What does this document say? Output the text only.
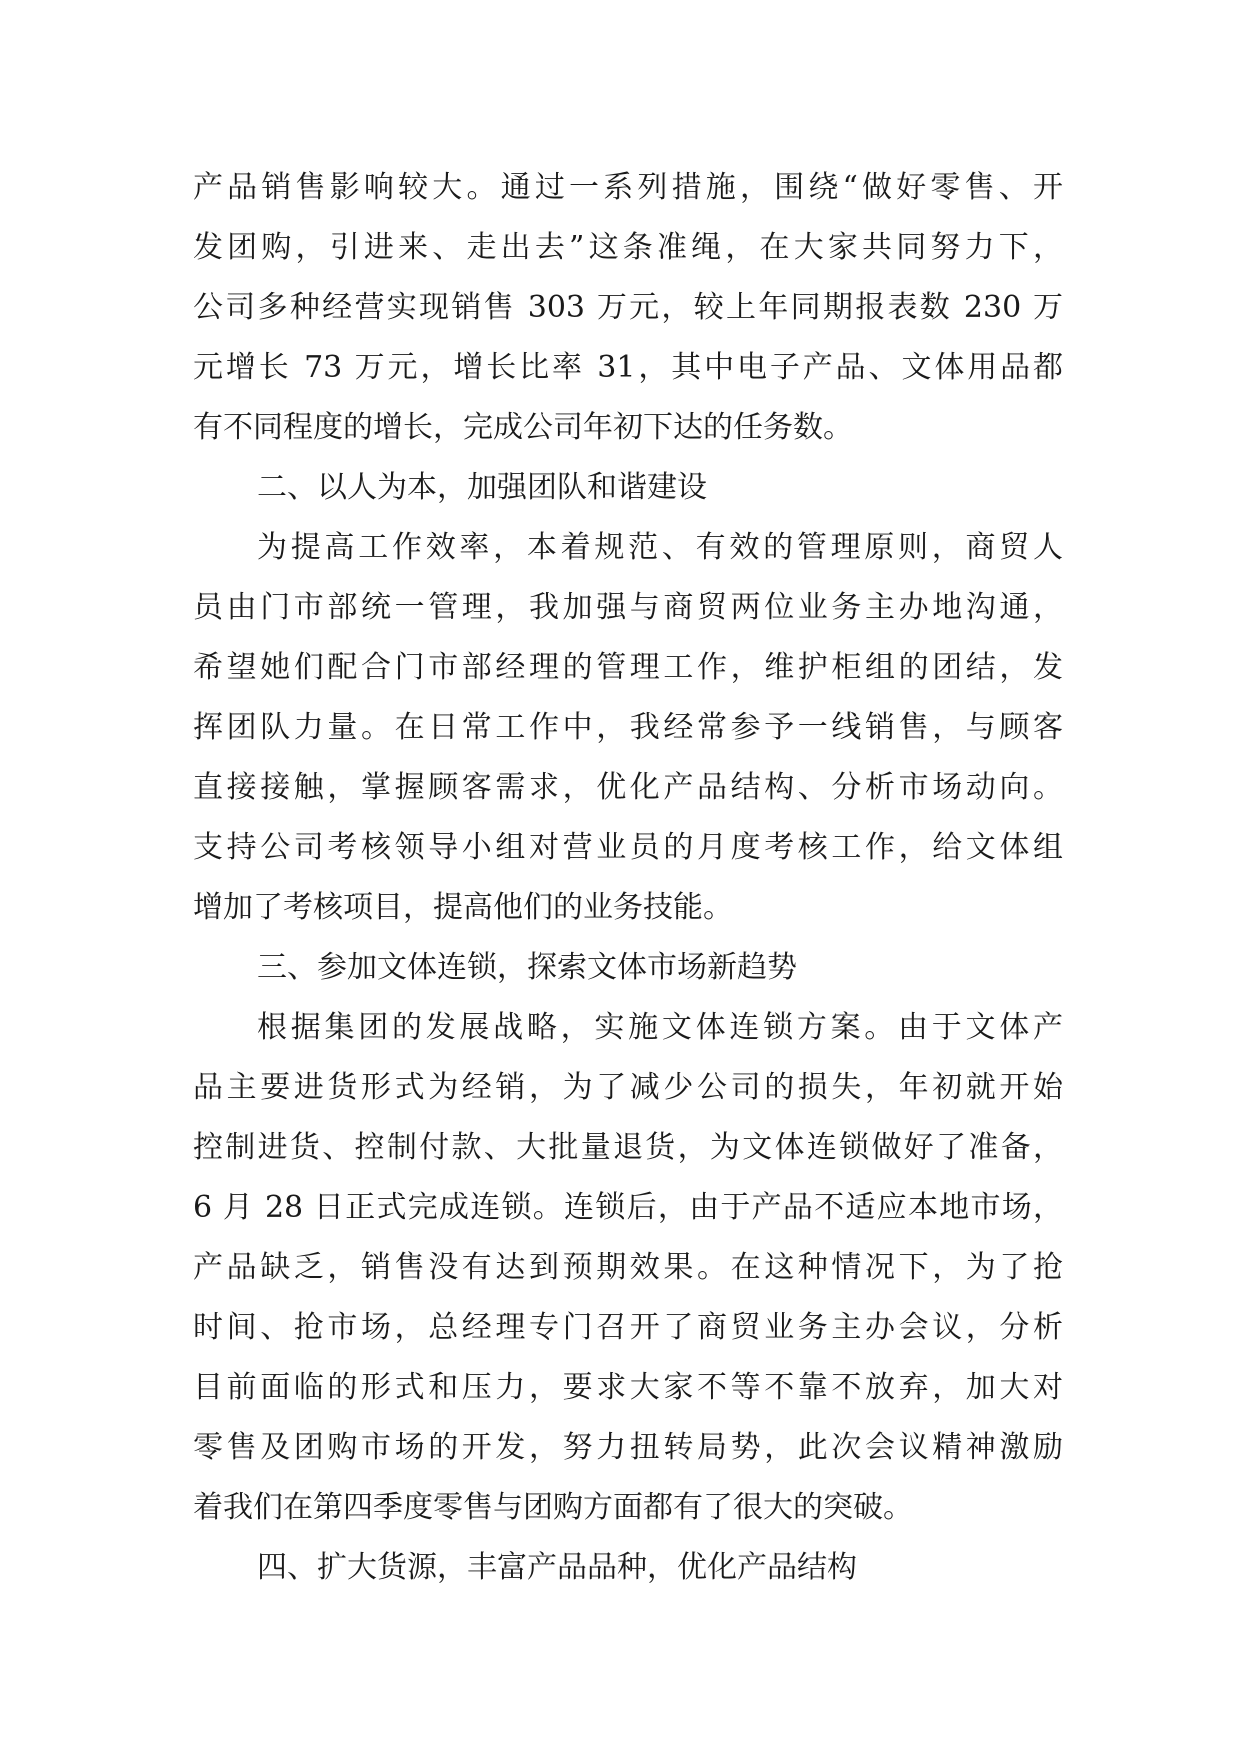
产品销售影响较大。通过一系列措施，围绕“做好零售、开
发团购，引进来、走出去”这条准绳，在大家共同努力下，
公司多种经营实现销售 303 万元，较上年同期报表数 230 万
元增长 73 万元，增长比率 31，其中电子产品、文体用品都
有不同程度的增长，完成公司年初下达的任务数。
二、以人为本，加强团队和谐建设
为提高工作效率，本着规范、有效的管理原则，商贸人
员由门市部统一管理，我加强与商贸两位业务主办地沟通，
希望她们配合门市部经理的管理工作，维护柜组的团结，发
挥团队力量。在日常工作中，我经常参予一线销售，与顾客
直接接触，掌握顾客需求，优化产品结构、分析市场动向。
支持公司考核领导小组对营业员的月度考核工作，给文体组
增加了考核项目，提高他们的业务技能。
三、参加文体连锁，探索文体市场新趋势
根据集团的发展战略，实施文体连锁方案。由于文体产
品主要进货形式为经销，为了减少公司的损失，年初就开始
控制进货、控制付款、大批量退货，为文体连锁做好了准备，
6 月 28 日正式完成连锁。连锁后，由于产品不适应本地市场，
产品缺乏，销售没有达到预期效果。在这种情况下，为了抢
时间、抢市场，总经理专门召开了商贸业务主办会议，分析
目前面临的形式和压力，要求大家不等不靠不放弃，加大对
零售及团购市场的开发，努力扭转局势，此次会议精神激励
着我们在第四季度零售与团购方面都有了很大的突破。
四、扩大货源，丰富产品品种，优化产品结构
